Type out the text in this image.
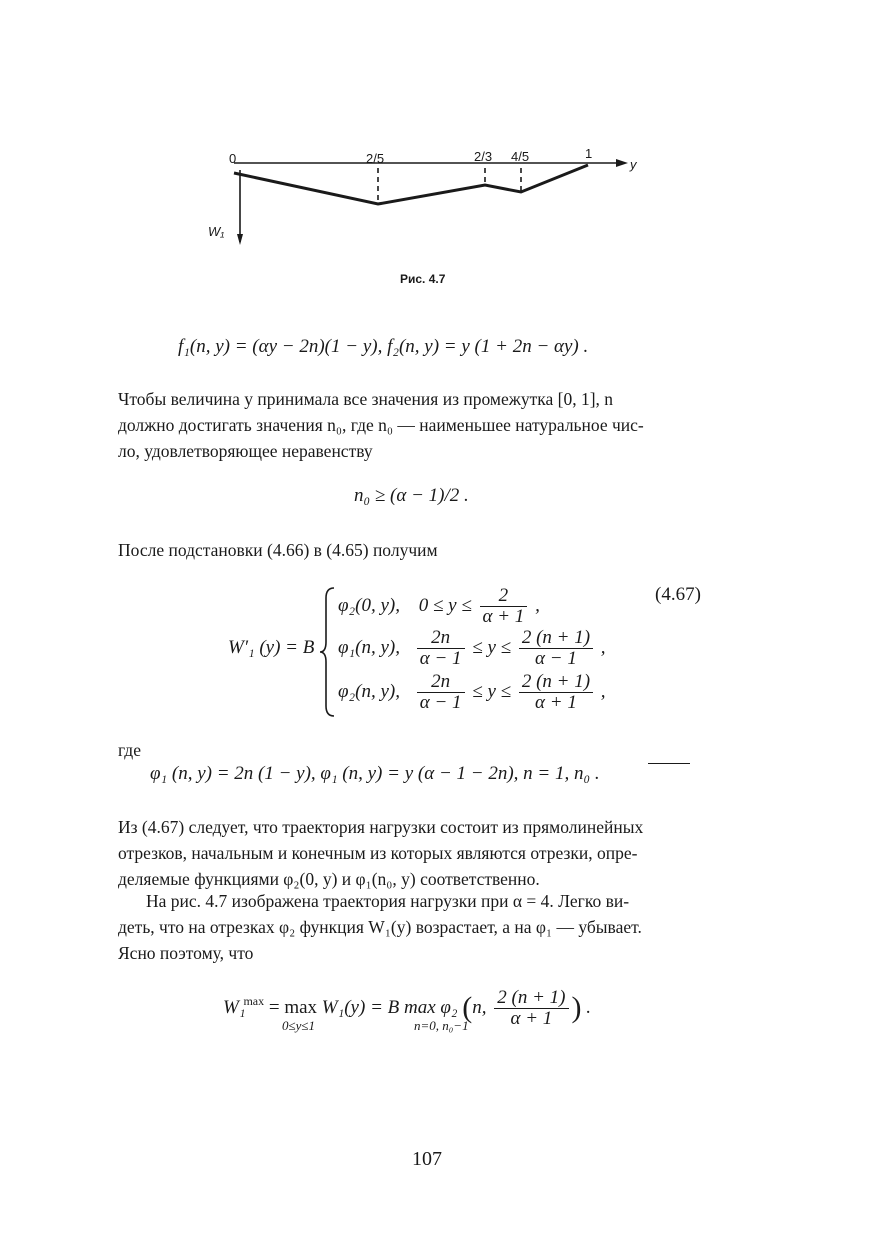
0	2/5	2/3 4/5	1
y
W₁
Рис. 4.7
f₁(n, y) = (αy − 2n)(1 − y), f₂(n, y) = y (1 + 2n − αy) .

Чтобы величина y принимала все значения из промежутка [0, 1], n

должно достигать значения n₀, где n₀ — наименьшее натуральное чис-

ло, удовлетворяющее неравенству

n₀ ≥ (α − 1)/2 .
После подстановки (4.66) в (4.65) получим
(4.67)
W′₁ (y) = B
φ₂(0, y), $0 \le y \le \frac{2}{\alpha + 1}$ ,
φ₁(n, y), $\frac{2n}{\alpha - 1} \le y \le \frac{2 (n + 1)}{\alpha - 1}$ ,
φ₂(n, y), $\frac{2n}{\alpha - 1} \le y \le \frac{2 (n + 1)}{\alpha + 1}$ ,
где
φ₁ (n, y) = 2n (1 − y), φ₁ (n, y) = y (α − 1 − 2n), n = 1, n₀ .

Из (4.67) следует, что траектория нагрузки состоит из прямолинейных

отрезков, начальным и конечным из которых являются отрезки, опре-

деляемые функциями φ₂(0, y) и φ₁(n₀, y) соответственно.

На рис. 4.7 изображена траектория нагрузки при α = 4. Легко ви-

деть, что на отрезках φ₂ функция W₁(y) возрастает, а на φ₁ — убывает.

Ясно поэтому, что

W₁$^{max}$ = max W₁(y) = B max φ₂ (n, $\frac{2 (n + 1)}{\alpha + 1}$ ) .
0≤y≤1	n=0, n₀−1
107
